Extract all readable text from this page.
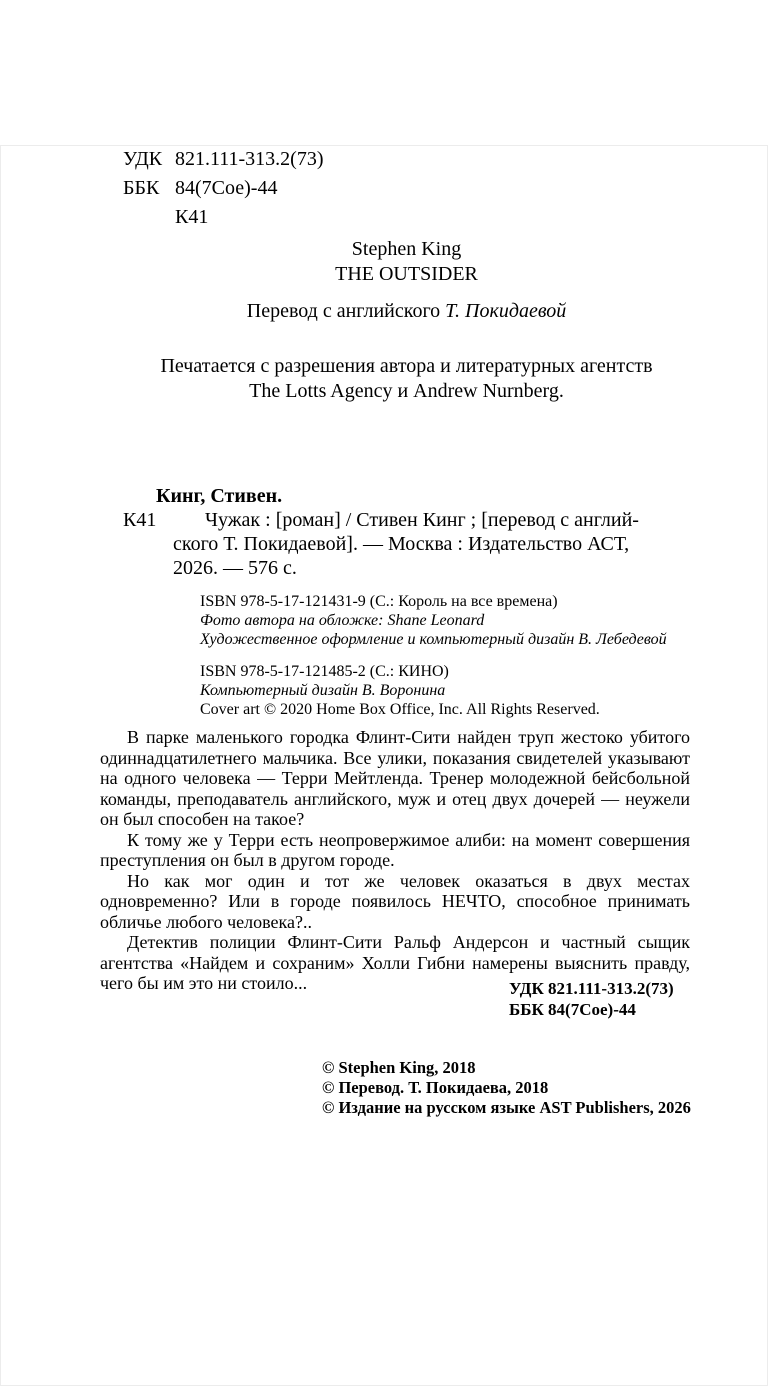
УДК 821.111-313.2(73)
ББК 84(7Сое)-44
К41
Stephen King
THE OUTSIDER
Перевод с английского Т. Покидаевой
Печатается с разрешения автора и литературных агентств
The Lotts Agency и Andrew Nurnberg.
Кинг, Стивен.
К41	Чужак : [роман] / Стивен Кинг ; [перевод с англий-
ского Т. Покидаевой]. — Москва : Издательство АСТ,
2026. — 576 с.
ISBN 978-5-17-121431-9 (С.: Король на все времена)
Фото автора на обложке: Shane Leonard
Художественное оформление и компьютерный дизайн В. Лебедевой
ISBN 978-5-17-121485-2 (С.: КИНО)
Компьютерный дизайн В. Воронина
Cover art © 2020 Home Box Office, Inc. All Rights Reserved.

В парке маленького городка Флинт-Сити найден труп жестоко убитого одиннадцатилетнего мальчика. Все улики, показания свидетелей указывают на одного человека — Терри Мейтленда. Тренер молодежной бейсбольной команды, преподаватель английского, муж и отец двух дочерей — неужели он был способен на такое?

К тому же у Терри есть неопровержимое алиби: на момент совершения преступления он был в другом городе.

Но как мог один и тот же человек оказаться в двух местах одновременно? Или в городе появилось НЕЧТО, способное принимать обличье любого человека?..

Детектив полиции Флинт-Сити Ральф Андерсон и частный сыщик агентства «Найдем и сохраним» Холли Гибни намерены выяснить правду, чего бы им это ни стоило...	УДК 821.111-313.2(73)
ББК 84(7Сое)-44
© Stephen King, 2018
© Перевод. Т. Покидаева, 2018
© Издание на русском языке AST Publishers, 2026
